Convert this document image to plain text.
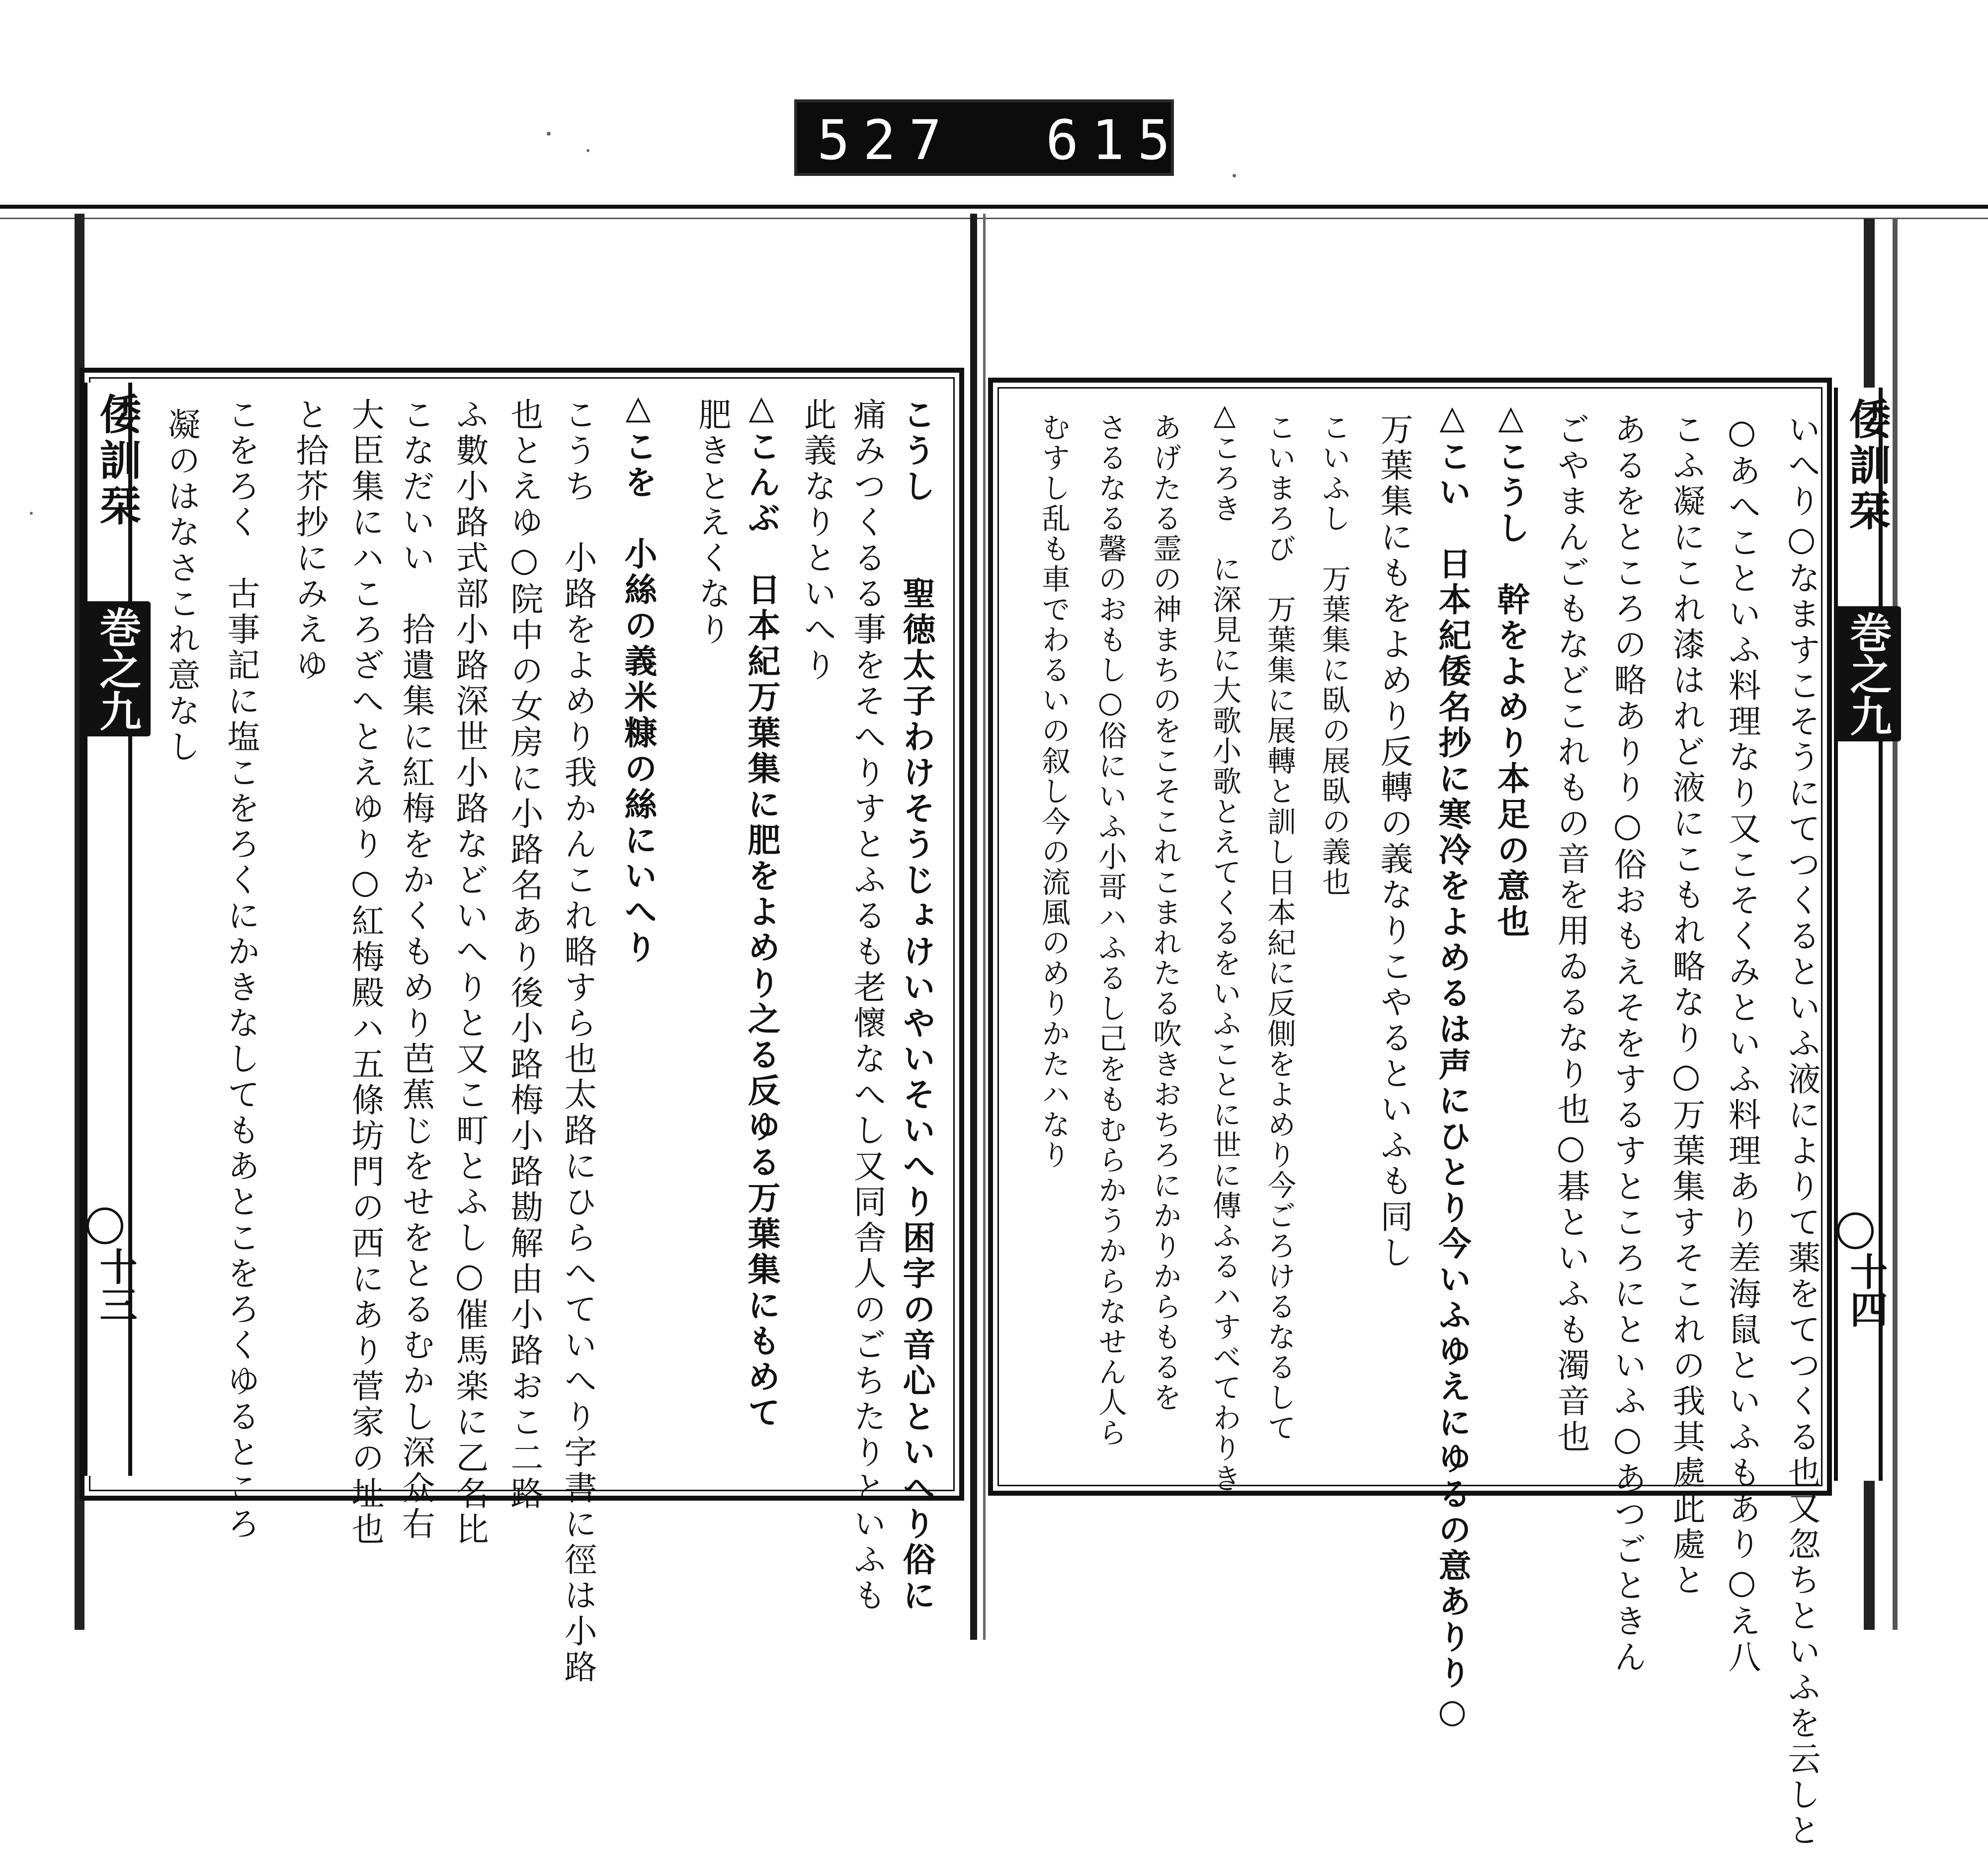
527 615
倭訓栞
巻之九
十三	こうし　　聖徳太子わけそうじょけいやいそいへり困字の音心といへり俗に
痛みつくるる事をそへりすとふるも老懷なへし又同舎人のごちたりといふも
此義なりといへり
△こんぶ　日本紀万葉集に肥をよめり之る反ゆる万葉集にもめて
肥きとえくなり
△こを　小絲の義米糠の絲にいへり
こうち　小路をよめり我かんこれ略すら也太路にひらへていへり字書に徑は小路
也とえゆ○院中の女房に小路名あり後小路梅小路勘解由小路おこ二路
ふ數小路式部小路深世小路などいへりと又こ町とふし○催馬楽に乙名比
こなだいい　拾遺集に紅梅をかくもめり芭蕉じをせをとるむかし深众右
大臣集にハころざへとえゆり○紅梅殿ハ五條坊門の西にあり菅家の址也
と拾芥抄にみえゆ
こをろく　古事記に塩こをろくにかきなしてもあとこをろくゆるところ
凝のはなさこれ意なし	倭訓栞
巻之九
十四
いへり○なますこそうにてつくるといふ液によりて薬をてつくる也又忽ちといふを云しと
○あへこといふ料理なり又こそくみといふ料理あり差海鼠といふもあり○え八
こふ凝にこれ漆はれど液にこもれ略なり○万葉集すそこれの我其處此處と
あるをところの略ありり○俗おもえそをするすところにといふ○あつごときん
ごやまんごもなどこれもの音を用ゐるなり也○碁といふも濁音也
△こうし　幹をよめり本足の意也
△こい　日本紀倭名抄に寒冷をよめるは声にひとり今いふゆえにゆるの意ありり○
万葉集にもをよめり反轉の義なりこやるといふも同し
こいふし　万葉集に臥の展臥の義也
こいまろび　万葉集に展轉と訓し日本紀に反側をよめり今ごろけるなるして
△ころき　に深見に大歌小歌とえてくるをいふことに世に傳ふるハすべてわりき
あげたる霊の神まちのをこそこれこまれたる吹きおちろにかりからもるを
さるなる馨のおもし○俗にいふ小哥ハふるし己をもむらかうからなせん人ら
むすし乱も車でわるいの叙し今の流風のめりかたハなり
